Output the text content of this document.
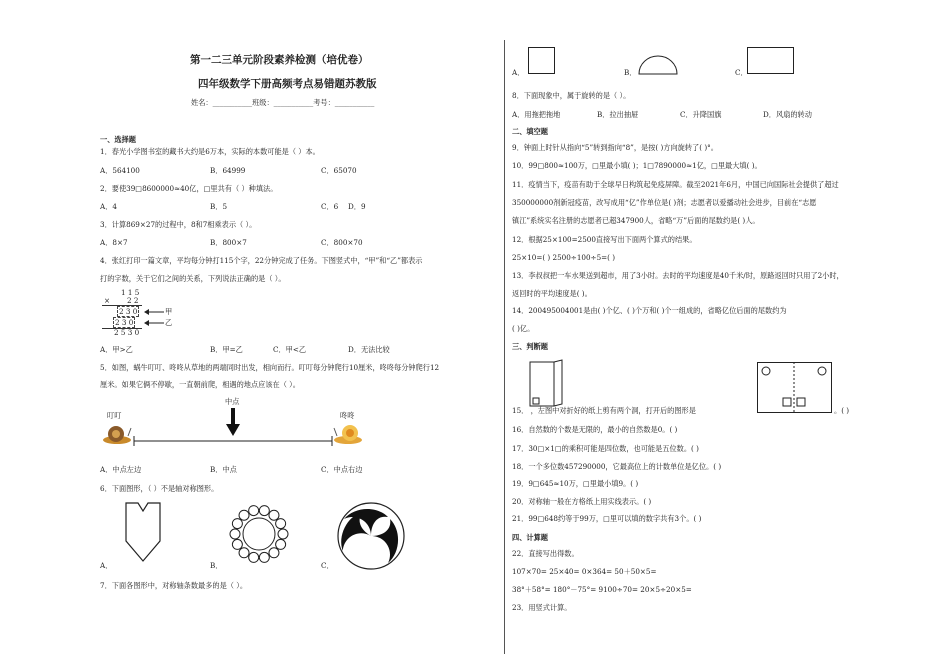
第一二三单元阶段素养检测（培优卷）
四年级数学下册高频考点易错题苏教版
姓名：___________班级：___________考号：___________
一、选择题
1．春光小学图书室的藏书大约是6万本，实际的本数可能是（ ）本。
A．564100	B．64999	C．65070
2．要使39□8600000≈40亿，□里共有（ ）种填法。
A．4	B．5	C．6 D．9
3．计算869×27的过程中，8和7相乘表示（ ）。
A．8×7	B．800×7	C．800×70
4．张红打印一篇文章，平均每分钟打115个字，22分钟完成了任务。下图竖式中，“甲”和“乙”都表示
打的字数，关于它们之间的关系，下列说法正确的是（ ）。
1 1 5
× 2 2
2 3 0
2 3 0
2 5 3 0
甲
乙
A．甲>乙	B．甲=乙	C．甲<乙	D．无法比较
5．如图，蜗牛叮叮、咚咚从草地的两端同时出发，相向而行。叮叮每分钟爬行10厘米，咚咚每分钟爬行12
厘米。如果它俩不停歇，一直朝前爬，相遇的地点应该在（ ）。
中点
叮叮	咚咚
A．中点左边	B．中点	C．中点右边
6．下面图形，（ ）不是轴对称图形。
A．	B．	C．
7．下面各图形中，对称轴条数最多的是（ ）。
A．	B．	C．
8．下面现象中，属于旋转的是（ ）。
A．用拖把拖地	B．拉出抽屉	C．升降国旗	D．风扇的转动
二、填空题
9．钟面上时针从指向“5”转到指向“8”，是按( )方向旋转了( )°。
10．99□800≈100万，□里最小填( )；1□7890000≈1亿，□里最大填( )。
11．疫情当下，疫苗有助于全球早日构筑起免疫屏障。截至2021年6月，中国已向国际社会提供了超过
350000000剂新冠疫苗，改写成用“亿”作单位是( )剂；志愿者以爱播动社会进步，目前在“志愿
镇江”系统实名注册的志愿者已超347900人，省略“万”后面的尾数约是( )人。
12．根据25×100=2500直接写出下面两个算式的结果。
25×10=( ) 2500÷100÷5=( )
13．李叔叔把一车水果送到超市，用了3小时。去时的平均速度是40千米/时，原路返回时只用了2小时，
返回时的平均速度是( )。
14．200495004001是由( )个亿、( )个万和( )个一组成的，省略亿位后面的尾数约为
( )亿。
三、判断题
15． ，左图中对折好的纸上剪有两个洞，打开后的图形是	。( )
16．自然数的个数是无限的，最小的自然数是0。( )
17．30□×1□的乘积可能是四位数，也可能是五位数。( )
18．一个多位数457290000，它最高位上的计数单位是亿位。( )
19．9□645≈10万，□里最小填9。( )
20．对称轴一般在方格纸上用实线表示。( )
21．99□648约等于99万，□里可以填的数字共有3个。( )
四、计算题
22．直接写出得数。
107×70= 25×40= 0×364= 50＋50×5=
38°＋58°= 180°－75°= 9100÷70= 20×5÷20×5=
23．用竖式计算。
